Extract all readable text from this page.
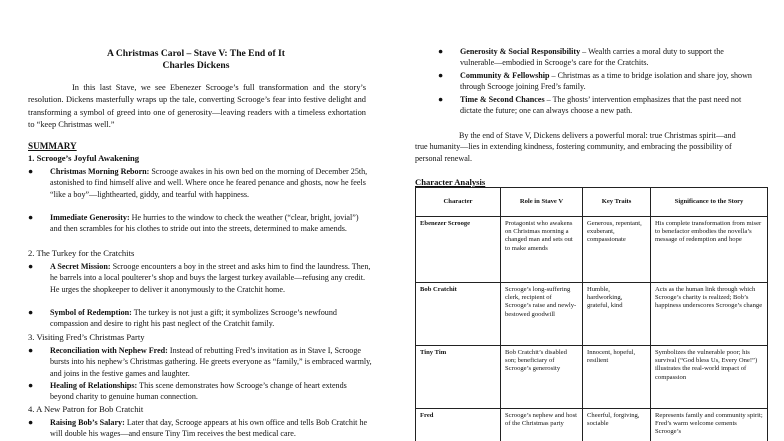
A Christmas Carol – Stave V: The End of It
Charles Dickens

In this last Stave, we see Ebenezer Scrooge’s full transformation and the story’s resolution. Dickens masterfully wraps up the tale, converting Scrooge’s fear into festive delight and transforming a symbol of greed into one of generosity—leaving readers with a timeless exhortation to “keep Christmas well.”

SUMMARY
1. Scrooge’s Joyful Awakening

● Christmas Morning Reborn: Scrooge awakes in his own bed on the morning of December 25th, astonished to find himself alive and well. Where once he feared penance and ghosts, now he feels “like a boy”—lighthearted, giddy, and tearful with happiness.

● Immediate Generosity: He hurries to the window to check the weather (“clear, bright, jovial”) and then scrambles for his clothes to stride out into the streets, determined to make amends.

2. The Turkey for the Cratchits

● A Secret Mission: Scrooge encounters a boy in the street and asks him to find the laundress. Then, he barrels into a local poulterer’s shop and buys the largest turkey available—refusing any credit. He urges the shopkeeper to deliver it anonymously to the Cratchit home.

● Symbol of Redemption: The turkey is not just a gift; it symbolizes Scrooge’s newfound compassion and desire to right his past neglect of the Cratchit family.

3. Visiting Fred’s Christmas Party

● Reconciliation with Nephew Fred: Instead of rebutting Fred’s invitation as in Stave I, Scrooge bursts into his nephew’s Christmas gathering. He greets everyone as “family,” is embraced warmly, and joins in the festive games and laughter.

● Healing of Relationships: This scene demonstrates how Scrooge’s change of heart extends beyond charity to genuine human connection.

4. A New Patron for Bob Cratchit

● Raising Bob’s Salary: Later that day, Scrooge appears at his own office and tells Bob Cratchit he will double his wages—and ensure Tiny Tim receives the best medical care.

● Generosity & Social Responsibility – Wealth carries a moral duty to support the vulnerable—embodied in Scrooge’s care for the Cratchits.

● Community & Fellowship – Christmas as a time to bridge isolation and share joy, shown through Scrooge joining Fred’s family.

● Time & Second Chances – The ghosts’ intervention emphasizes that the past need not dictate the future; one can always choose a new path.

By the end of Stave V, Dickens delivers a powerful moral: true Christmas spirit—and true humanity—lies in extending kindness, fostering community, and embracing the possibility of personal renewal.

Character Analysis
Character	Role in Stave V	Key Traits	Significance to the Story
Ebenezer Scrooge	Protagonist who awakens on Christmas morning a changed man and sets out to make amends	Generous, repentant, exuberant, compassionate	His complete transformation from miser to benefactor embodies the novella’s message of redemption and hope
Bob Cratchit	Scrooge’s long-suffering clerk, recipient of Scrooge’s raise and newly-bestowed goodwill	Humble, hardworking, grateful, kind	Acts as the human link through which Scrooge’s charity is realized; Bob’s happiness underscores Scrooge’s change
Tiny Tim	Bob Cratchit’s disabled son; beneficiary of Scrooge’s generosity	Innocent, hopeful, resilient	Symbolizes the vulnerable poor; his survival (“God bless Us, Every One!”) illustrates the real-world impact of compassion
Fred	Scrooge’s nephew and host of the Christmas party	Cheerful, forgiving, sociable	Represents family and community spirit; Fred’s warm welcome cements Scrooge’s
